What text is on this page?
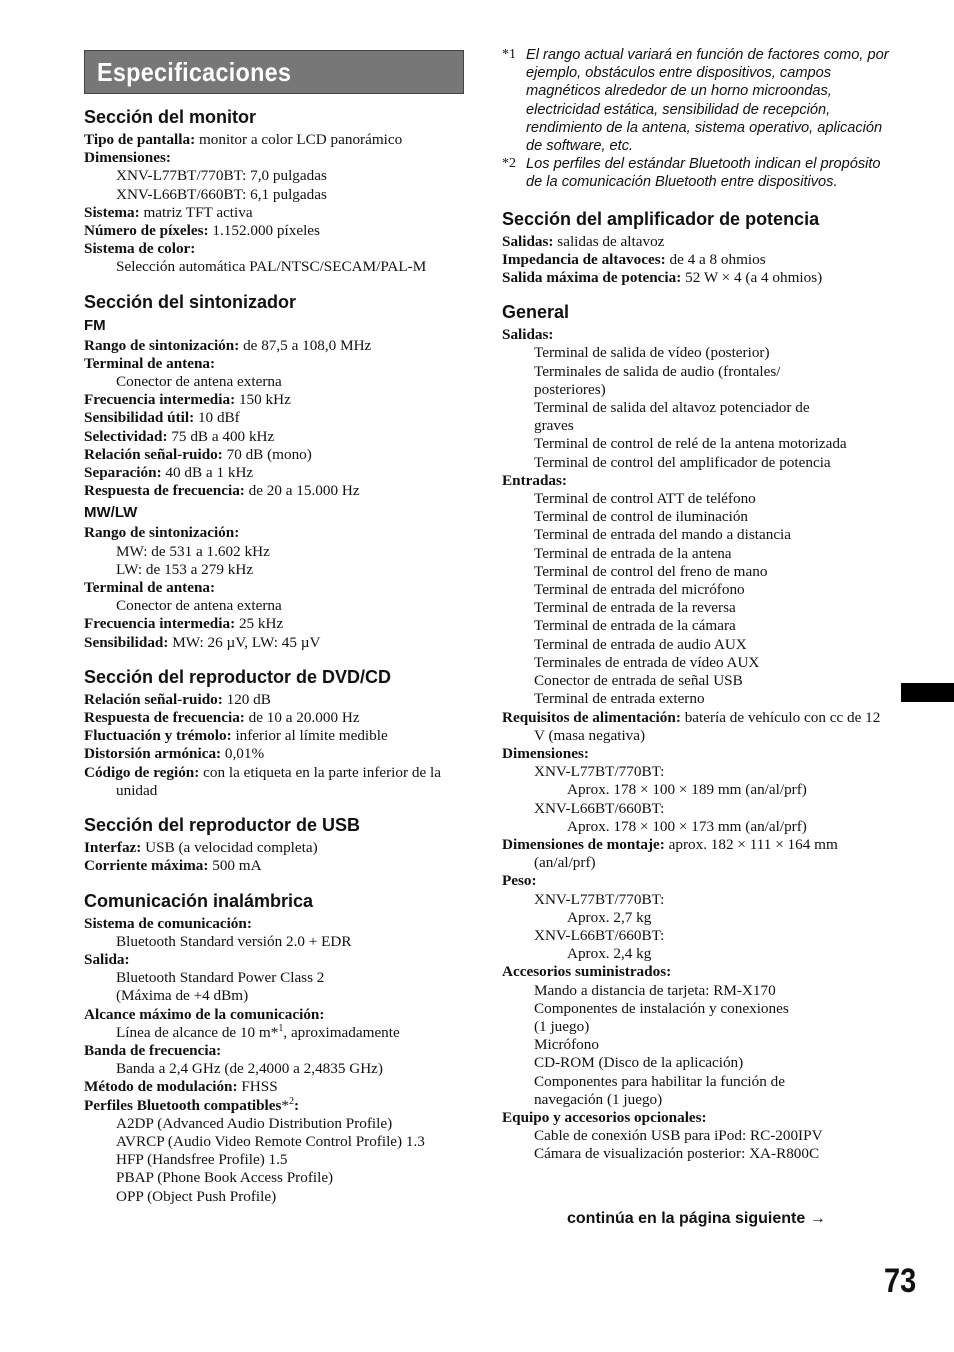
Especificaciones
Sección del monitor
Tipo de pantalla: monitor a color LCD panorámico
Dimensiones:
XNV-L77BT/770BT: 7,0 pulgadas
XNV-L66BT/660BT: 6,1 pulgadas
Sistema: matriz TFT activa
Número de píxeles: 1.152.000 píxeles
Sistema de color:
Selección automática PAL/NTSC/SECAM/PAL-M
Sección del sintonizador
FM
Rango de sintonización: de 87,5 a 108,0 MHz
Terminal de antena:
Conector de antena externa
Frecuencia intermedia: 150 kHz
Sensibilidad útil: 10 dBf
Selectividad: 75 dB a 400 kHz
Relación señal-ruido: 70 dB (mono)
Separación: 40 dB a 1 kHz
Respuesta de frecuencia: de 20 a 15.000 Hz
MW/LW
Rango de sintonización:
MW: de 531 a 1.602 kHz
LW: de 153 a 279 kHz
Terminal de antena:
Conector de antena externa
Frecuencia intermedia: 25 kHz
Sensibilidad: MW: 26 µV, LW: 45 µV
Sección del reproductor de DVD/CD
Relación señal-ruido: 120 dB
Respuesta de frecuencia: de 10 a 20.000 Hz
Fluctuación y trémolo: inferior al límite medible
Distorsión armónica: 0,01%
Código de región: con la etiqueta en la parte inferior de la unidad
Sección del reproductor de USB
Interfaz: USB (a velocidad completa)
Corriente máxima: 500 mA
Comunicación inalámbrica
Sistema de comunicación:
Bluetooth Standard versión 2.0 + EDR
Salida:
Bluetooth Standard Power Class 2
(Máxima de +4 dBm)
Alcance máximo de la comunicación:
Línea de alcance de 10 m*$^1$, aproximadamente
Banda de frecuencia:
Banda a 2,4 GHz (de 2,4000 a 2,4835 GHz)
Método de modulación: FHSS
Perfiles Bluetooth compatibles*$^2$:
A2DP (Advanced Audio Distribution Profile)
AVRCP (Audio Video Remote Control Profile) 1.3
HFP (Handsfree Profile) 1.5
PBAP (Phone Book Access Profile)
OPP (Object Push Profile)
*1 El rango actual variará en función de factores como, por ejemplo, obstáculos entre dispositivos, campos magnéticos alrededor de un horno microondas, electricidad estática, sensibilidad de recepción, rendimiento de la antena, sistema operativo, aplicación de software, etc.
*2 Los perfiles del estándar Bluetooth indican el propósito de la comunicación Bluetooth entre dispositivos.
Sección del amplificador de potencia
Salidas: salidas de altavoz
Impedancia de altavoces: de 4 a 8 ohmios
Salida máxima de potencia: 52 W × 4 (a 4 ohmios)
General
Salidas:
Terminal de salida de vídeo (posterior)
Terminales de salida de audio (frontales/
posteriores)
Terminal de salida del altavoz potenciador de
graves
Terminal de control de relé de la antena motorizada
Terminal de control del amplificador de potencia
Entradas:
Terminal de control ATT de teléfono
Terminal de control de iluminación
Terminal de entrada del mando a distancia
Terminal de entrada de la antena
Terminal de control del freno de mano
Terminal de entrada del micrófono
Terminal de entrada de la reversa
Terminal de entrada de la cámara
Terminal de entrada de audio AUX
Terminales de entrada de vídeo AUX
Conector de entrada de señal USB
Terminal de entrada externo
Requisitos de alimentación: batería de vehículo con cc de 12 V (masa negativa)
Dimensiones:
XNV-L77BT/770BT:
Aprox. 178 × 100 × 189 mm (an/al/prf)
XNV-L66BT/660BT:
Aprox. 178 × 100 × 173 mm (an/al/prf)
Dimensiones de montaje: aprox. 182 × 111 × 164 mm (an/al/prf)
Peso:
XNV-L77BT/770BT:
Aprox. 2,7 kg
XNV-L66BT/660BT:
Aprox. 2,4 kg
Accesorios suministrados:
Mando a distancia de tarjeta: RM-X170
Componentes de instalación y conexiones
(1 juego)
Micrófono
CD-ROM (Disco de la aplicación)
Componentes para habilitar la función de
navegación (1 juego)
Equipo y accesorios opcionales:
Cable de conexión USB para iPod: RC-200IPV
Cámara de visualización posterior: XA-R800C
continúa en la página siguiente →
73
